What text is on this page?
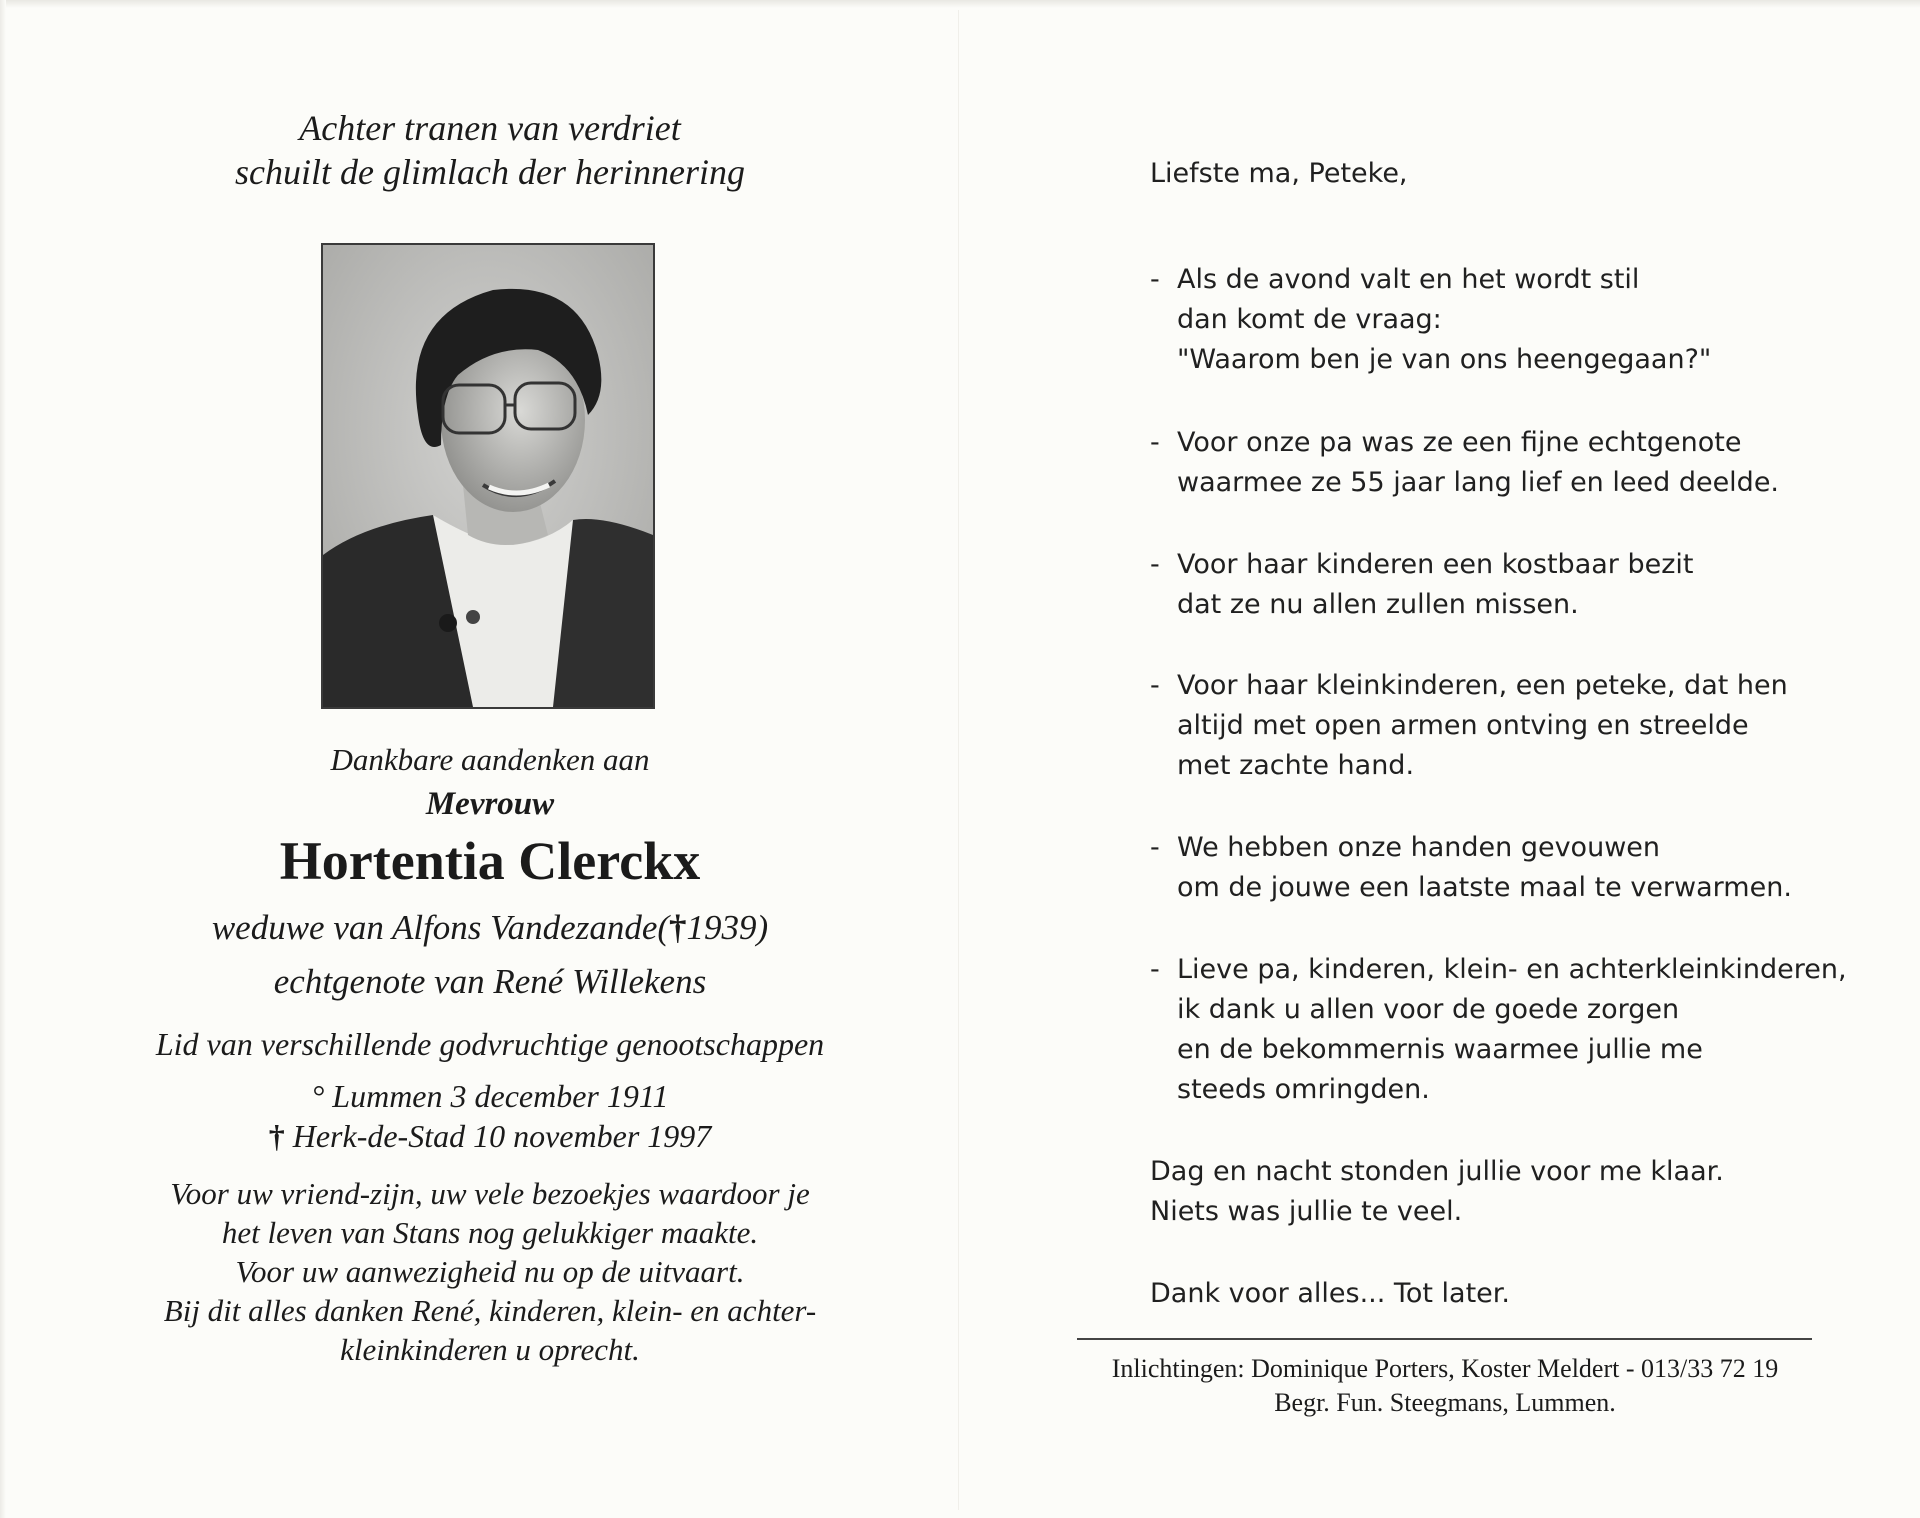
Achter tranen van verdriet
schuilt de glimlach der herinnering
Dankbare aandenken aan
Mevrouw
Hortentia Clerckx
weduwe van Alfons Vandezande(†1939)
echtgenote van René Willekens
Lid van verschillende godvruchtige genootschappen
° Lummen 3 december 1911
† Herk-de-Stad 10 november 1997
Voor uw vriend-zijn, uw vele bezoekjes waardoor je
het leven van Stans nog gelukkiger maakte.
Voor uw aanwezigheid nu op de uitvaart.
Bij dit alles danken René, kinderen, klein- en achter-
kleinkinderen u oprecht.
Liefste ma, Peteke,
- Als de avond valt en het wordt stil
dan komt de vraag:
"Waarom ben je van ons heengegaan?"
- Voor onze pa was ze een fijne echtgenote
waarmee ze 55 jaar lang lief en leed deelde.
- Voor haar kinderen een kostbaar bezit
dat ze nu allen zullen missen.
- Voor haar kleinkinderen, een peteke, dat hen
altijd met open armen ontving en streelde
met zachte hand.
- We hebben onze handen gevouwen
om de jouwe een laatste maal te verwarmen.
- Lieve pa, kinderen, klein- en achterkleinkinderen,
ik dank u allen voor de goede zorgen
en de bekommernis waarmee jullie me
steeds omringden.
Dag en nacht stonden jullie voor me klaar.
Niets was jullie te veel.
Dank voor alles... Tot later.
Inlichtingen: Dominique Porters, Koster Meldert - 013/33 72 19
Begr. Fun. Steegmans, Lummen.
